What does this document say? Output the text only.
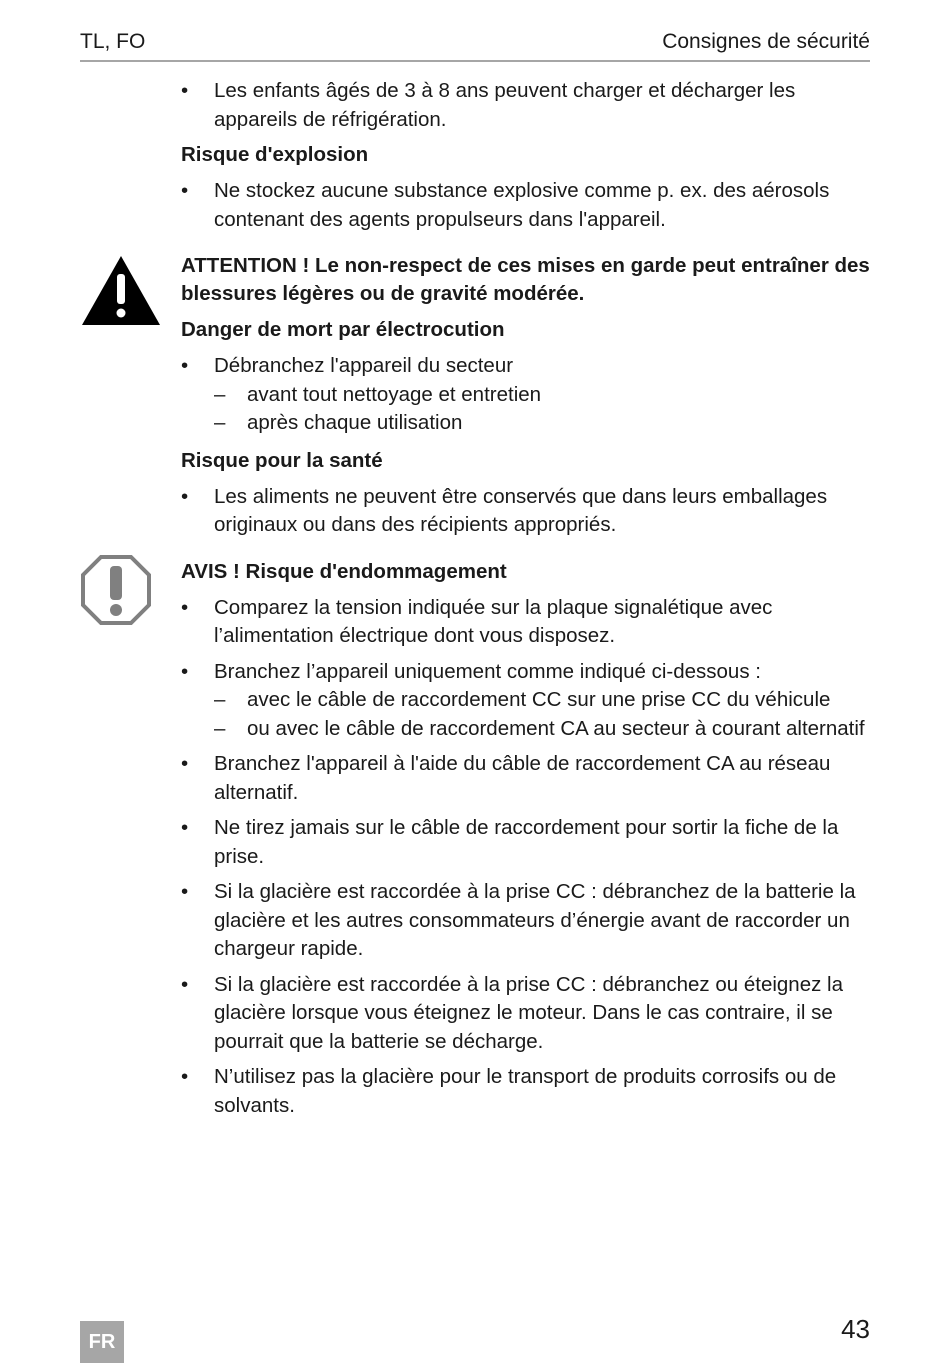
TL, FO	Consignes de sécurité
• Les enfants âgés de 3 à 8 ans peuvent charger et décharger les appareils de réfrigération.
Risque d'explosion
• Ne stockez aucune substance explosive comme p. ex. des aérosols contenant des agents propulseurs dans l'appareil.
ATTENTION ! Le non-respect de ces mises en garde peut entraîner des blessures légères ou de gravité modérée.
Danger de mort par électrocution
• Débranchez l'appareil du secteur
– avant tout nettoyage et entretien
– après chaque utilisation
Risque pour la santé
• Les aliments ne peuvent être conservés que dans leurs emballages originaux ou dans des récipients appropriés.
AVIS ! Risque d'endommagement
• Comparez la tension indiquée sur la plaque signalétique avec l’alimentation électrique dont vous disposez.
• Branchez l’appareil uniquement comme indiqué ci-dessous :
– avec le câble de raccordement CC sur une prise CC du véhicule
– ou avec le câble de raccordement CA au secteur à courant alternatif
• Branchez l'appareil à l'aide du câble de raccordement CA au réseau alternatif.
• Ne tirez jamais sur le câble de raccordement pour sortir la fiche de la prise.
• Si la glacière est raccordée à la prise CC : débranchez de la batterie la glacière et les autres consommateurs d’énergie avant de raccorder un chargeur rapide.
• Si la glacière est raccordée à la prise CC : débranchez ou éteignez la glacière lorsque vous éteignez le moteur. Dans le cas contraire, il se pourrait que la batterie se décharge.
• N’utilisez pas la glacière pour le transport de produits corrosifs ou de solvants.
FR	43
